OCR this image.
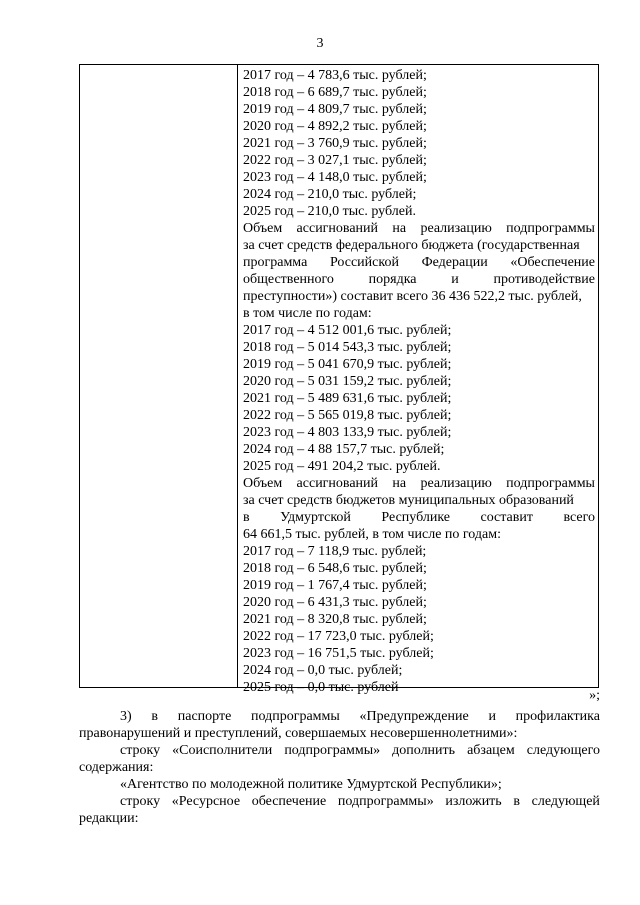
3
2017 год – 4 783,6 тыс. рублей;
2018 год – 6 689,7 тыс. рублей;
2019 год – 4 809,7 тыс. рублей;
2020 год – 4 892,2 тыс. рублей;
2021 год – 3 760,9 тыс. рублей;
2022 год – 3 027,1 тыс. рублей;
2023 год – 4 148,0 тыс. рублей;
2024 год – 210,0 тыс. рублей;
2025 год – 210,0 тыс. рублей.
Объем ассигнований на реализацию подпрограммы
за счет средств федерального бюджета (государственная
программа Российской Федерации «Обеспечение
общественного порядка и противодействие
преступности») составит всего 36 436 522,2 тыс. рублей,
в том числе по годам:
2017 год – 4 512 001,6 тыс. рублей;
2018 год – 5 014 543,3 тыс. рублей;
2019 год – 5 041 670,9 тыс. рублей;
2020 год – 5 031 159,2 тыс. рублей;
2021 год – 5 489 631,6 тыс. рублей;
2022 год – 5 565 019,8 тыс. рублей;
2023 год – 4 803 133,9 тыс. рублей;
2024 год – 4 88 157,7 тыс. рублей;
2025 год – 491 204,2 тыс. рублей.
Объем ассигнований на реализацию подпрограммы
за счет средств бюджетов муниципальных образований
в Удмуртской Республике составит всего
64 661,5 тыс. рублей, в том числе по годам:
2017 год – 7 118,9 тыс. рублей;
2018 год – 6 548,6 тыс. рублей;
2019 год – 1 767,4 тыс. рублей;
2020 год – 6 431,3 тыс. рублей;
2021 год – 8 320,8 тыс. рублей;
2022 год – 17 723,0 тыс. рублей;
2023 год – 16 751,5 тыс. рублей;
2024 год – 0,0 тыс. рублей;
2025 год – 0,0 тыс. рублей
»;
3) в паспорте подпрограммы «Предупреждение и профилактика
правонарушений и преступлений, совершаемых несовершеннолетними»:
строку «Соисполнители подпрограммы» дополнить абзацем следующего
содержания:
«Агентство по молодежной политике Удмуртской Республики»;
строку «Ресурсное обеспечение подпрограммы» изложить в следующей
редакции:
